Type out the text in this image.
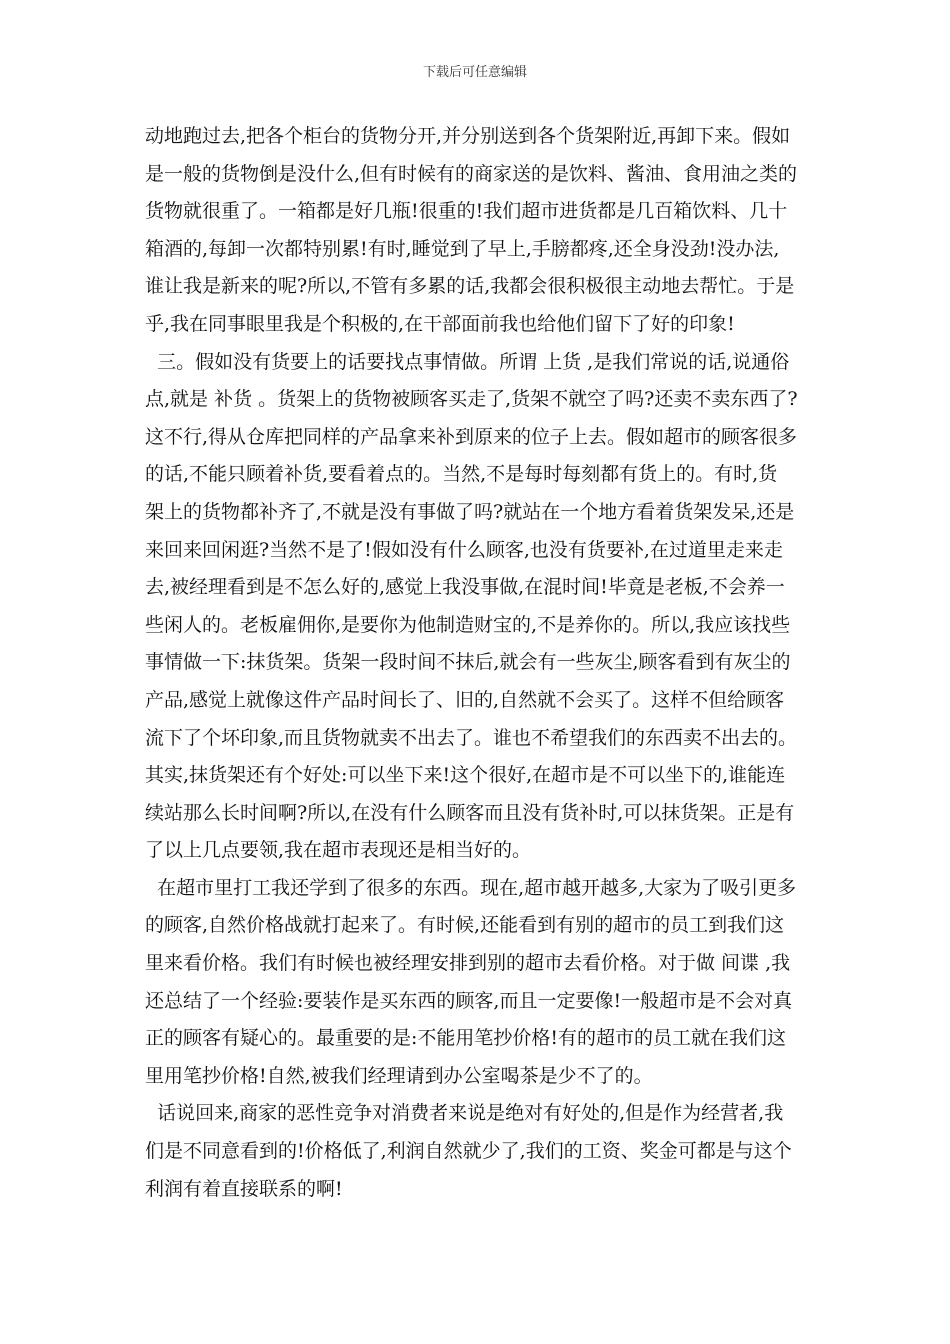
下载后可任意编辑
动地跑过去,把各个柜台的货物分开,并分别送到各个货架附近,再卸下来。假如
是一般的货物倒是没什么,但有时候有的商家送的是饮料、酱油、食用油之类的
货物就很重了。一箱都是好几瓶!很重的!我们超市进货都是几百箱饮料、几十
箱酒的,每卸一次都特别累!有时,睡觉到了早上,手膀都疼,还全身没劲!没办法,
谁让我是新来的呢?所以,不管有多累的话,我都会很积极很主动地去帮忙。于是
乎,我在同事眼里我是个积极的,在干部面前我也给他们留下了好的印象!
三。假如没有货要上的话要找点事情做。所谓 上货 ,是我们常说的话,说通俗
点,就是 补货 。货架上的货物被顾客买走了,货架不就空了吗?还卖不卖东西了?
这不行,得从仓库把同样的产品拿来补到原来的位子上去。假如超市的顾客很多
的话,不能只顾着补货,要看着点的。当然,不是每时每刻都有货上的。有时,货
架上的货物都补齐了,不就是没有事做了吗?就站在一个地方看着货架发呆,还是
来回来回闲逛?当然不是了!假如没有什么顾客,也没有货要补,在过道里走来走
去,被经理看到是不怎么好的,感觉上我没事做,在混时间!毕竟是老板,不会养一
些闲人的。老板雇佣你,是要你为他制造财宝的,不是养你的。所以,我应该找些
事情做一下:抹货架。货架一段时间不抹后,就会有一些灰尘,顾客看到有灰尘的
产品,感觉上就像这件产品时间长了、旧的,自然就不会买了。这样不但给顾客
流下了个坏印象,而且货物就卖不出去了。谁也不希望我们的东西卖不出去的。
其实,抹货架还有个好处:可以坐下来!这个很好,在超市是不可以坐下的,谁能连
续站那么长时间啊?所以,在没有什么顾客而且没有货补时,可以抹货架。正是有
了以上几点要领,我在超市表现还是相当好的。
在超市里打工我还学到了很多的东西。现在,超市越开越多,大家为了吸引更多
的顾客,自然价格战就打起来了。有时候,还能看到有别的超市的员工到我们这
里来看价格。我们有时候也被经理安排到别的超市去看价格。对于做 间谍 ,我
还总结了一个经验:要装作是买东西的顾客,而且一定要像!一般超市是不会对真
正的顾客有疑心的。最重要的是:不能用笔抄价格!有的超市的员工就在我们这
里用笔抄价格!自然,被我们经理请到办公室喝茶是少不了的。
话说回来,商家的恶性竞争对消费者来说是绝对有好处的,但是作为经营者,我
们是不同意看到的!价格低了,利润自然就少了,我们的工资、奖金可都是与这个
利润有着直接联系的啊!
